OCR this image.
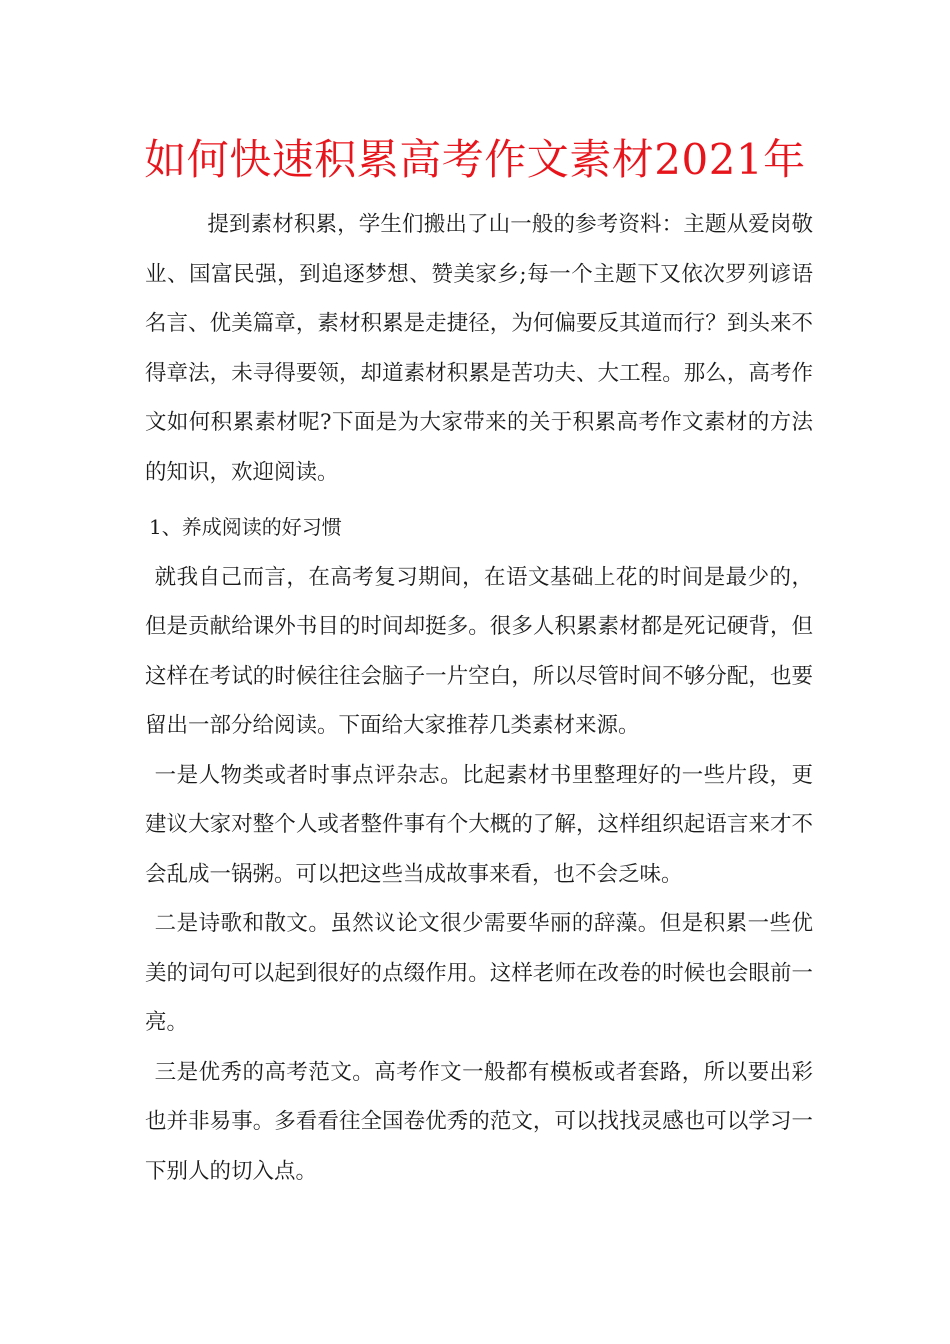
如何快速积累高考作文素材2021年

提到素材积累，学生们搬出了山一般的参考资料：主题从爱岗敬业、国富民强，到追逐梦想、赞美家乡;每一个主题下又依次罗列谚语名言、优美篇章，素材积累是走捷径，为何偏要反其道而行？到头来不得章法，未寻得要领，却道素材积累是苦功夫、大工程。那么，高考作文如何积累素材呢?下面是为大家带来的关于积累高考作文素材的方法的知识，欢迎阅读。

1、养成阅读的好习惯

就我自己而言，在高考复习期间，在语文基础上花的时间是最少的，但是贡献给课外书目的时间却挺多。很多人积累素材都是死记硬背，但这样在考试的时候往往会脑子一片空白，所以尽管时间不够分配，也要留出一部分给阅读。下面给大家推荐几类素材来源。

一是人物类或者时事点评杂志。比起素材书里整理好的一些片段，更建议大家对整个人或者整件事有个大概的了解，这样组织起语言来才不会乱成一锅粥。可以把这些当成故事来看，也不会乏味。

二是诗歌和散文。虽然议论文很少需要华丽的辞藻。但是积累一些优美的词句可以起到很好的点缀作用。这样老师在改卷的时候也会眼前一亮。

三是优秀的高考范文。高考作文一般都有模板或者套路，所以要出彩也并非易事。多看看往全国卷优秀的范文，可以找找灵感也可以学习一下别人的切入点。
